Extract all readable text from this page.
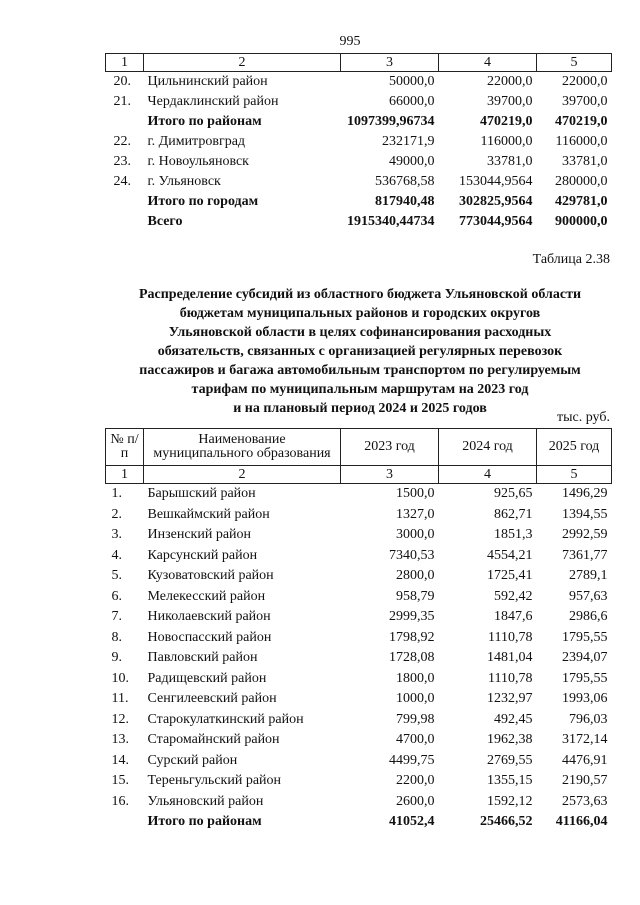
995
1	2	3	4	5
20.	Цильнинский район	50000,0	22000,0	22000,0
21.	Чердаклинский район	66000,0	39700,0	39700,0
	Итого по районам	1097399,96734	470219,0	470219,0
22.	г. Димитровград	232171,9	116000,0	116000,0
23.	г. Новоульяновск	49000,0	33781,0	33781,0
24.	г. Ульяновск	536768,58	153044,9564	280000,0
	Итого по городам	817940,48	302825,9564	429781,0
	Всего	1915340,44734	773044,9564	900000,0
Таблица 2.38
Распределение субсидий из областного бюджета Ульяновской области
бюджетам муниципальных районов и городских округов
Ульяновской области в целях софинансирования расходных
обязательств, связанных с организацией регулярных перевозок
пассажиров и багажа автомобильным транспортом по регулируемым
тарифам по муниципальным маршрутам на 2023 год
и на плановый период 2024 и 2025 годов
тыс. руб.
№ п/п	Наименование муниципального образования	2023 год	2024 год	2025 год
1	2	3	4	5
1.	Барышский район	1500,0	925,65	1496,29
2.	Вешкаймский район	1327,0	862,71	1394,55
3.	Инзенский район	3000,0	1851,3	2992,59
4.	Карсунский район	7340,53	4554,21	7361,77
5.	Кузоватовский район	2800,0	1725,41	2789,1
6.	Мелекесский район	958,79	592,42	957,63
7.	Николаевский район	2999,35	1847,6	2986,6
8.	Новоспасский район	1798,92	1110,78	1795,55
9.	Павловский район	1728,08	1481,04	2394,07
10.	Радищевский район	1800,0	1110,78	1795,55
11.	Сенгилеевский район	1000,0	1232,97	1993,06
12.	Старокулаткинский район	799,98	492,45	796,03
13.	Старомайнский район	4700,0	1962,38	3172,14
14.	Сурский район	4499,75	2769,55	4476,91
15.	Тереньгульский район	2200,0	1355,15	2190,57
16.	Ульяновский район	2600,0	1592,12	2573,63
	Итого по районам	41052,4	25466,52	41166,04
